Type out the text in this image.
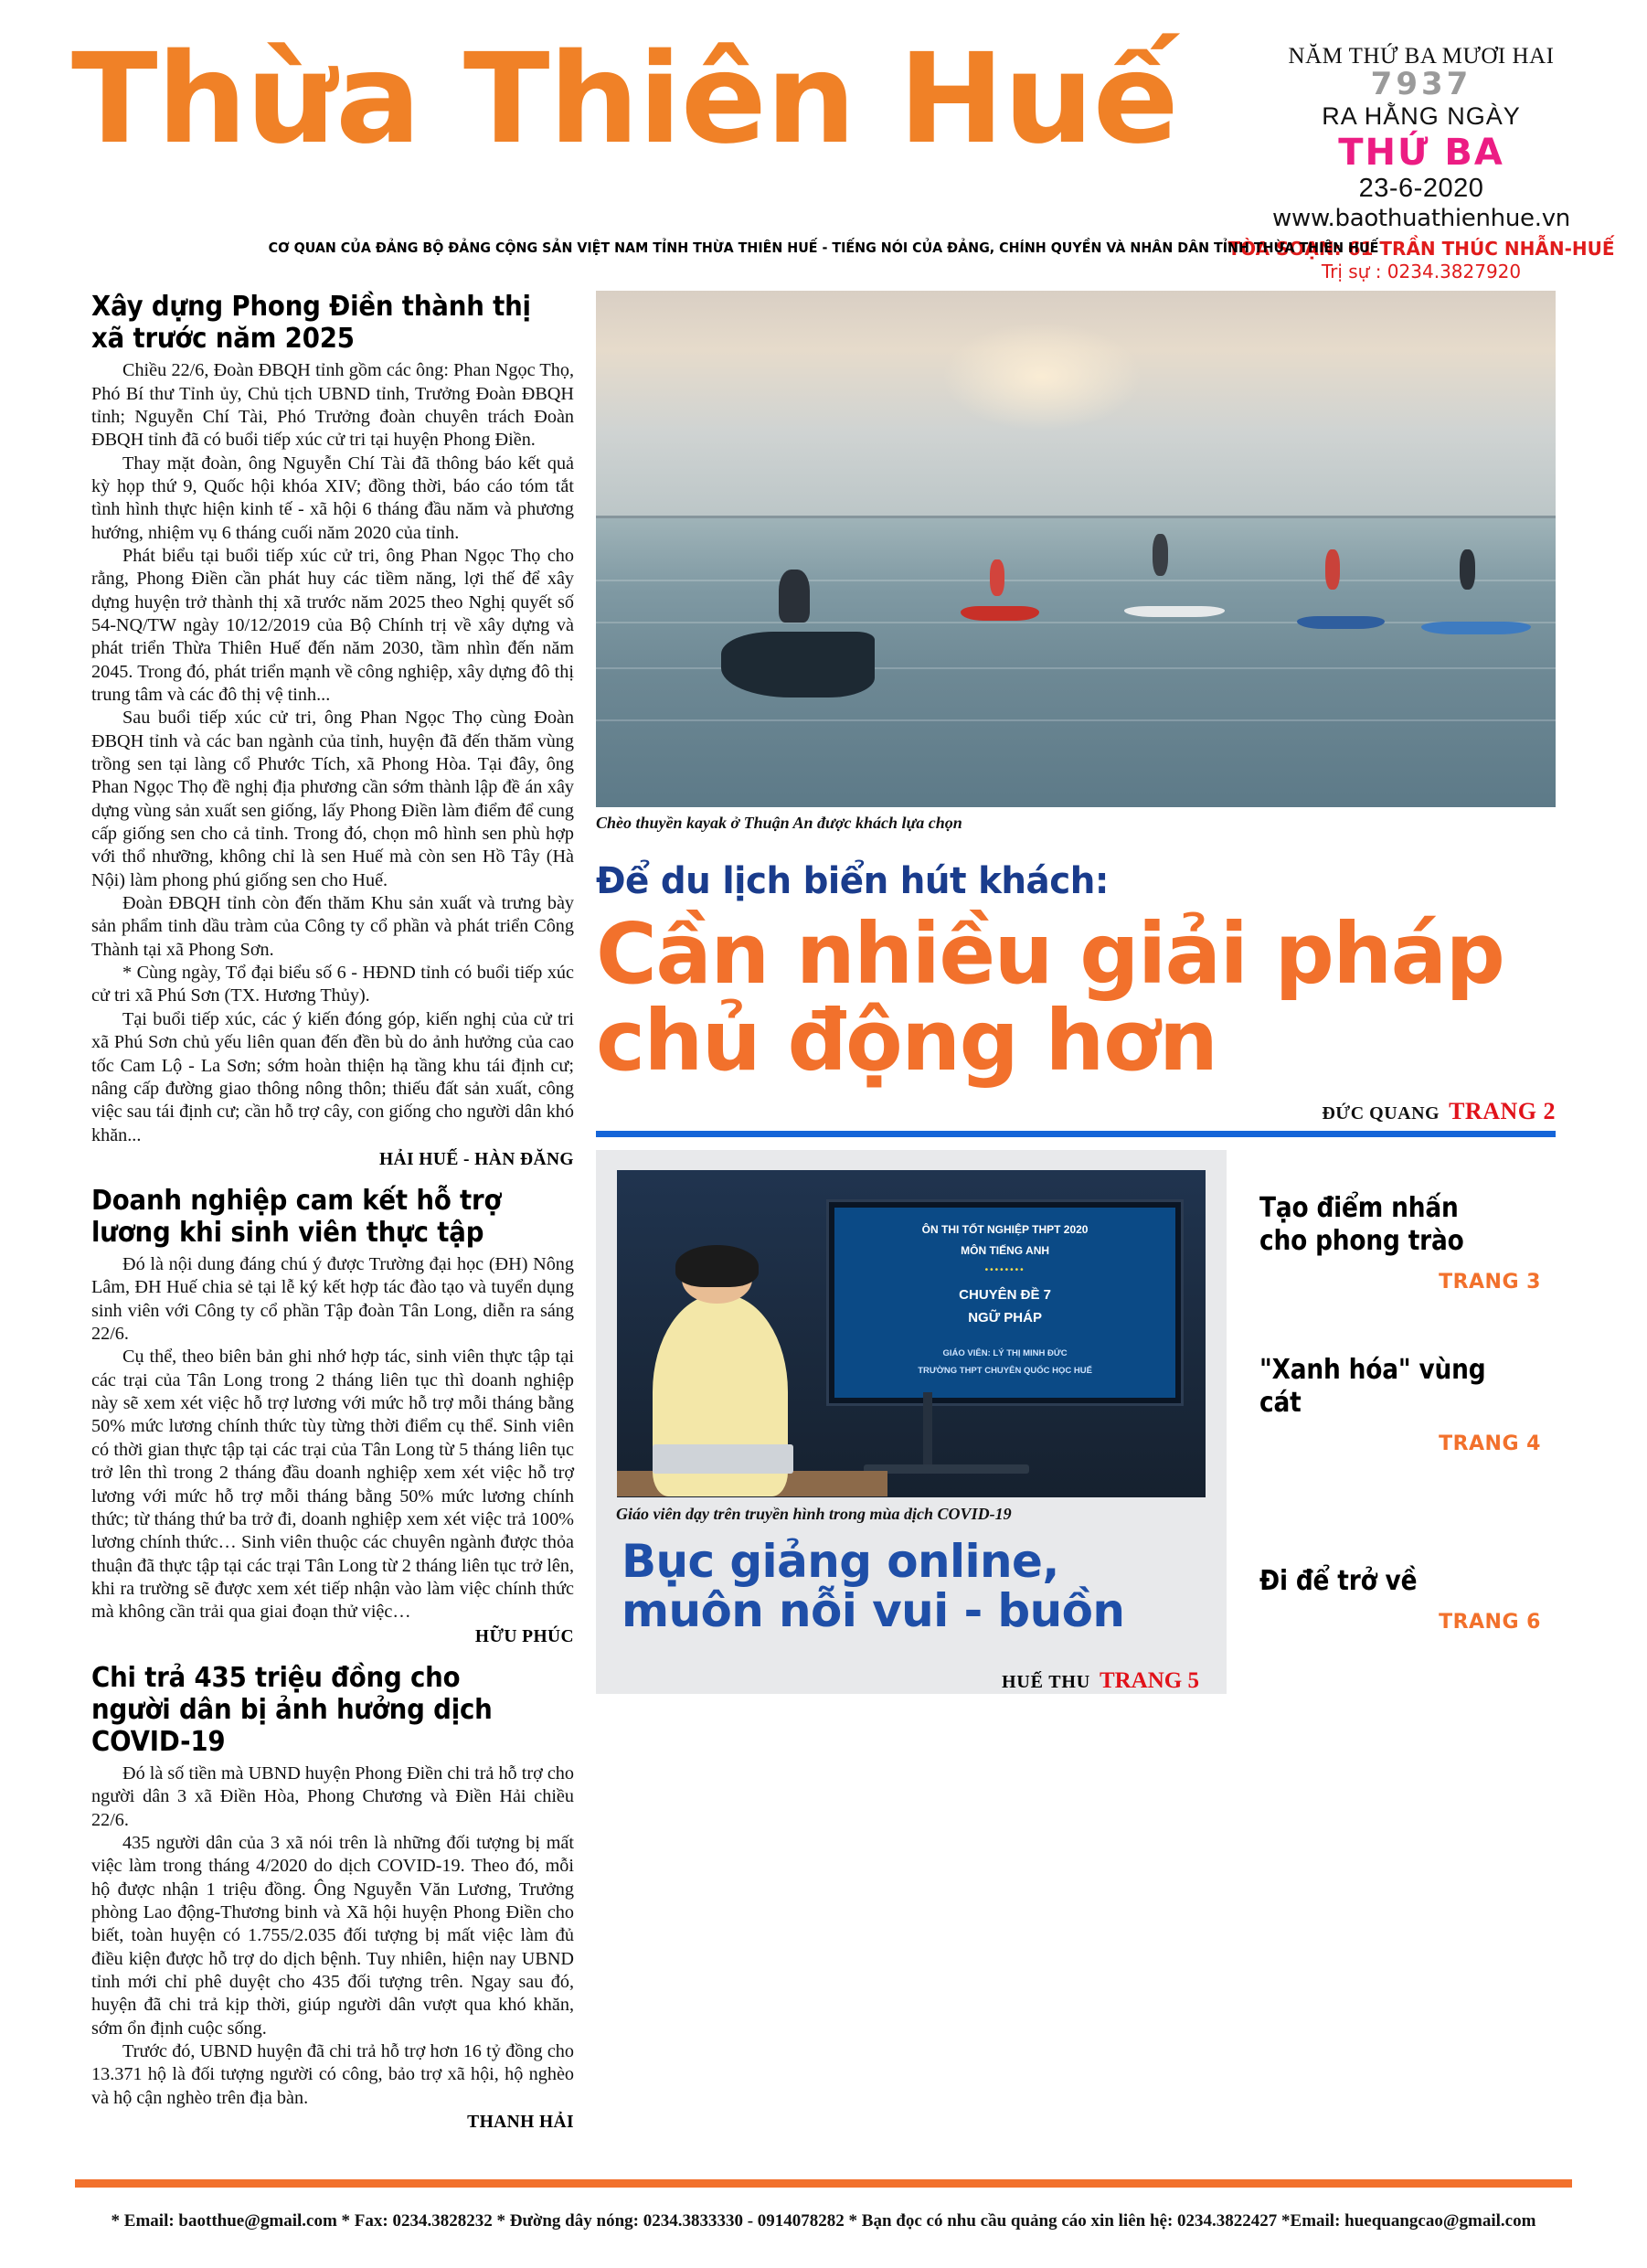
Thừa Thiên Huế	NĂM THỨ BA MƯƠI HAI
7937
RA HẰNG NGÀY
THỨ BA
23-6-2020
www.baothuathienhue.vn
TÒA SOẠN: 61 TRẦN THÚC NHẪN-HUẾ
Trị sự : 0234.3827920
CƠ QUAN CỦA ĐẢNG BỘ ĐẢNG CỘNG SẢN VIỆT NAM TỈNH THỪA THIÊN HUẾ - TIẾNG NÓI CỦA ĐẢNG, CHÍNH QUYỀN VÀ NHÂN DÂN TỈNH THỪA THIÊN HUẾ
Xây dựng Phong Điền thành thị xã trước năm 2025

Chiều 22/6, Đoàn ĐBQH tỉnh gồm các ông: Phan Ngọc Thọ, Phó Bí thư Tỉnh ủy, Chủ tịch UBND tỉnh, Trưởng Đoàn ĐBQH tỉnh; Nguyễn Chí Tài, Phó Trưởng đoàn chuyên trách Đoàn ĐBQH tỉnh đã có buổi tiếp xúc cử tri tại huyện Phong Điền.

Thay mặt đoàn, ông Nguyễn Chí Tài đã thông báo kết quả kỳ họp thứ 9, Quốc hội khóa XIV; đồng thời, báo cáo tóm tắt tình hình thực hiện kinh tế - xã hội 6 tháng đầu năm và phương hướng, nhiệm vụ 6 tháng cuối năm 2020 của tỉnh.

Phát biểu tại buổi tiếp xúc cử tri, ông Phan Ngọc Thọ cho rằng, Phong Điền cần phát huy các tiềm năng, lợi thế để xây dựng huyện trở thành thị xã trước năm 2025 theo Nghị quyết số 54-NQ/TW ngày 10/12/2019 của Bộ Chính trị về xây dựng và phát triển Thừa Thiên Huế đến năm 2030, tầm nhìn đến năm 2045. Trong đó, phát triển mạnh về công nghiệp, xây dựng đô thị trung tâm và các đô thị vệ tinh...

Sau buổi tiếp xúc cử tri, ông Phan Ngọc Thọ cùng Đoàn ĐBQH tỉnh và các ban ngành của tỉnh, huyện đã đến thăm vùng trồng sen tại làng cổ Phước Tích, xã Phong Hòa. Tại đây, ông Phan Ngọc Thọ đề nghị địa phương cần sớm thành lập đề án xây dựng vùng sản xuất sen giống, lấy Phong Điền làm điểm để cung cấp giống sen cho cả tỉnh. Trong đó, chọn mô hình sen phù hợp với thổ nhưỡng, không chỉ là sen Huế mà còn sen Hồ Tây (Hà Nội) làm phong phú giống sen cho Huế.

Đoàn ĐBQH tỉnh còn đến thăm Khu sản xuất và trưng bày sản phẩm tinh dầu tràm của Công ty cổ phần và phát triển Công Thành tại xã Phong Sơn.

* Cùng ngày, Tổ đại biểu số 6 - HĐND tỉnh có buổi tiếp xúc cử tri xã Phú Sơn (TX. Hương Thủy).

Tại buổi tiếp xúc, các ý kiến đóng góp, kiến nghị của cử tri xã Phú Sơn chủ yếu liên quan đến đền bù do ảnh hưởng của cao tốc Cam Lộ - La Sơn; sớm hoàn thiện hạ tầng khu tái định cư; nâng cấp đường giao thông nông thôn; thiếu đất sản xuất, công việc sau tái định cư; cần hỗ trợ cây, con giống cho người dân khó khăn...

HẢI HUẾ - HÀN ĐĂNG
Doanh nghiệp cam kết hỗ trợ lương khi sinh viên thực tập

Đó là nội dung đáng chú ý được Trường đại học (ĐH) Nông Lâm, ĐH Huế chia sẻ tại lễ ký kết hợp tác đào tạo và tuyển dụng sinh viên với Công ty cổ phần Tập đoàn Tân Long, diễn ra sáng 22/6.

Cụ thể, theo biên bản ghi nhớ hợp tác, sinh viên thực tập tại các trại của Tân Long trong 2 tháng liên tục thì doanh nghiệp này sẽ xem xét việc hỗ trợ lương với mức hỗ trợ mỗi tháng bằng 50% mức lương chính thức tùy từng thời điểm cụ thể. Sinh viên có thời gian thực tập tại các trại của Tân Long từ 5 tháng liên tục trở lên thì trong 2 tháng đầu doanh nghiệp xem xét việc hỗ trợ lương với mức hỗ trợ mỗi tháng bằng 50% mức lương chính thức; từ tháng thứ ba trở đi, doanh nghiệp xem xét việc trả 100% lương chính thức… Sinh viên thuộc các chuyên ngành được thỏa thuận đã thực tập tại các trại Tân Long từ 2 tháng liên tục trở lên, khi ra trường sẽ được xem xét tiếp nhận vào làm việc chính thức mà không cần trải qua giai đoạn thử việc…

HỮU PHÚC
Chi trả 435 triệu đồng cho người dân bị ảnh hưởng dịch COVID-19

Đó là số tiền mà UBND huyện Phong Điền chi trả hỗ trợ cho người dân 3 xã Điền Hòa, Phong Chương và Điền Hải chiều 22/6.

435 người dân của 3 xã nói trên là những đối tượng bị mất việc làm trong tháng 4/2020 do dịch COVID-19. Theo đó, mỗi hộ được nhận 1 triệu đồng. Ông Nguyễn Văn Lương, Trưởng phòng Lao động-Thương binh và Xã hội huyện Phong Điền cho biết, toàn huyện có 1.755/2.035 đối tượng bị mất việc làm đủ điều kiện được hỗ trợ do dịch bệnh. Tuy nhiên, hiện nay UBND tỉnh mới chỉ phê duyệt cho 435 đối tượng trên. Ngay sau đó, huyện đã chi trả kịp thời, giúp người dân vượt qua khó khăn, sớm ổn định cuộc sống.

Trước đó, UBND huyện đã chi trả hỗ trợ hơn 16 tỷ đồng cho 13.371 hộ là đối tượng người có công, bảo trợ xã hội, hộ nghèo và hộ cận nghèo trên địa bàn.

THANH HẢI
Chèo thuyền kayak ở Thuận An được khách lựa chọn
Để du lịch biển hút khách:
Cần nhiều giải pháp
chủ động hơn
ĐỨC QUANG TRANG 2
ÔN THI TỐT NGHIỆP THPT 2020
MÔN TIẾNG ANH
••••••••
CHUYÊN ĐỀ 7
NGỮ PHÁP
GIÁO VIÊN: LÝ THỊ MINH ĐỨC
TRƯỜNG THPT CHUYÊN QUỐC HỌC HUẾ
Giáo viên dạy trên truyền hình trong mùa dịch COVID-19
Bục giảng online,
muôn nỗi vui - buồn
HUẾ THU TRANG 5
Tạo điểm nhấn
cho phong trào
TRANG 3
"Xanh hóa" vùng cát
TRANG 4
Đi để trở về
TRANG 6
* Email: baotthue@gmail.com * Fax: 0234.3828232 * Đường dây nóng: 0234.3833330 - 0914078282 * Bạn đọc có nhu cầu quảng cáo xin liên hệ: 0234.3822427 *Email: huequangcao@gmail.com
